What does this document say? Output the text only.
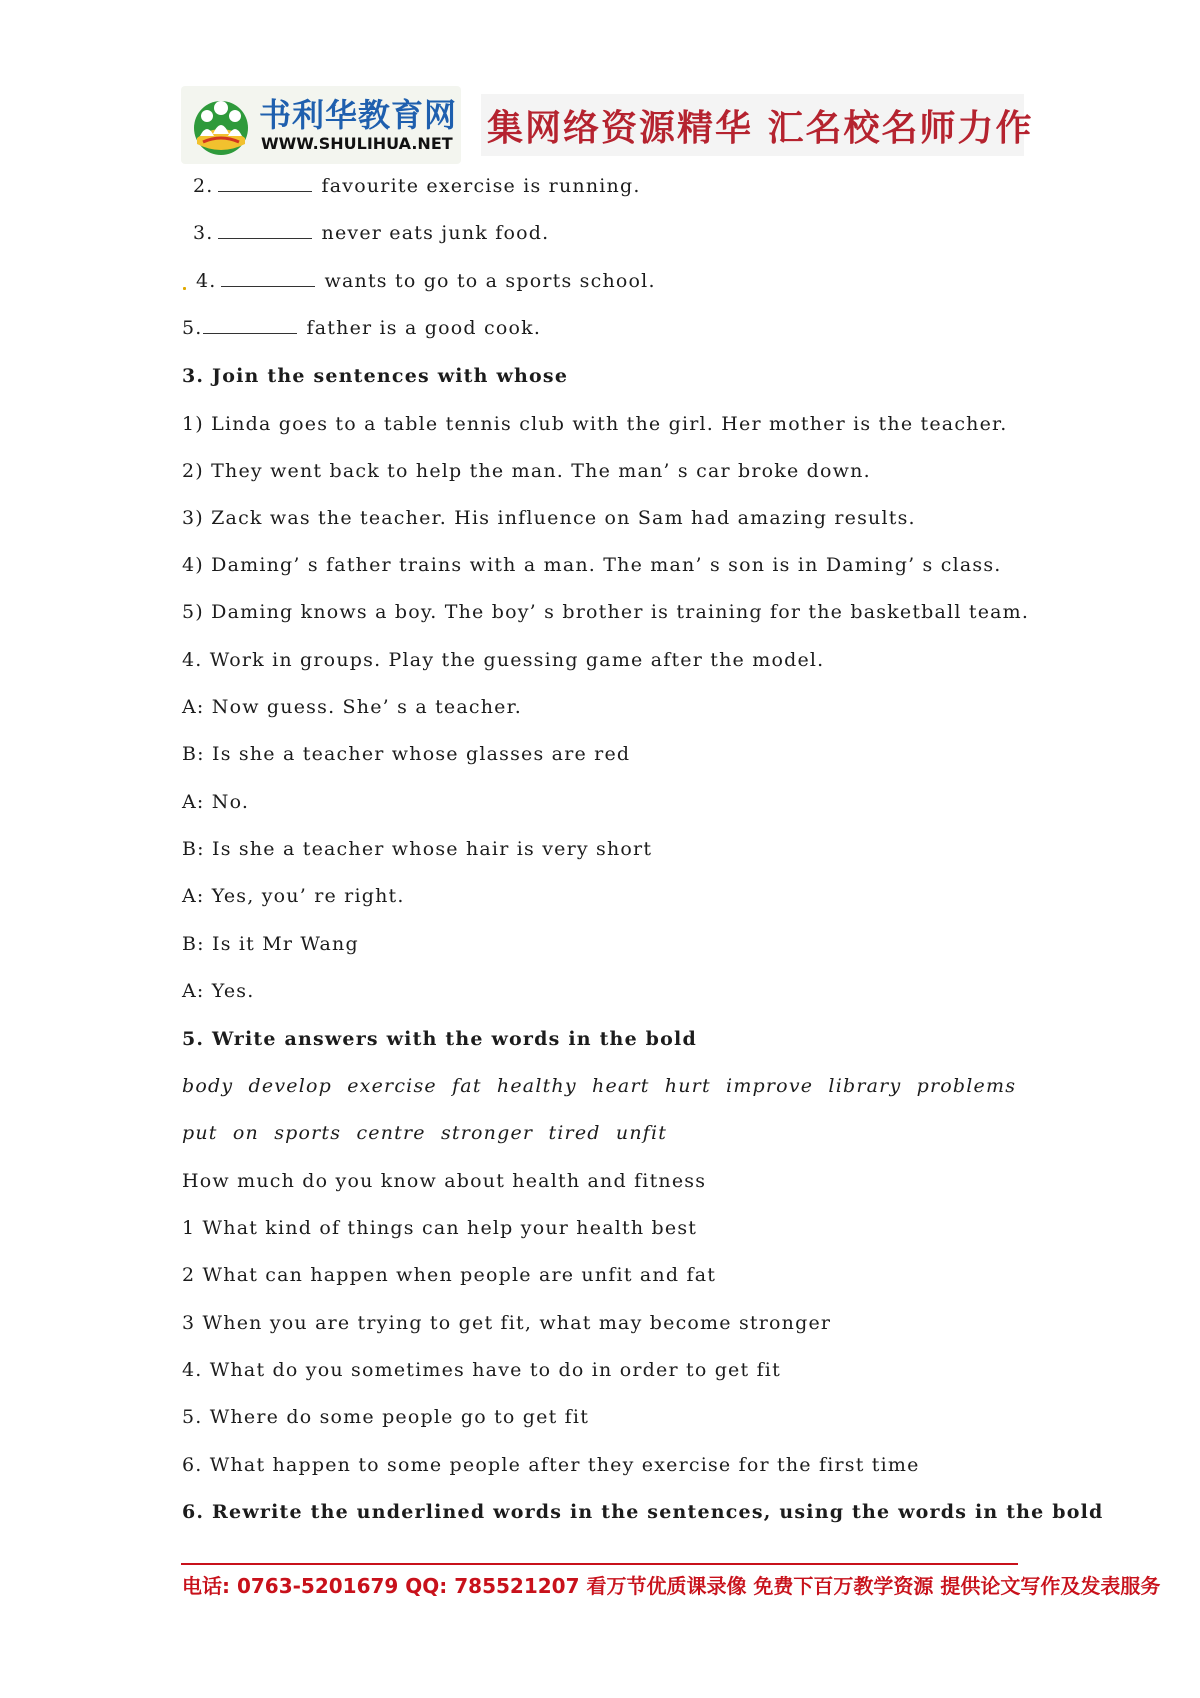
书利华教育网
WWW.SHULIHUA.NET 集网络资源精华 汇名校名师力作
2.	favourite exercise is running.
3.	never eats junk food.
4.	wants to go to a sports school.
5.	father is a good cook.
3. Join the sentences with whose
1) Linda goes to a table tennis club with the girl. Her mother is the teacher.
2) They went back to help the man. The man’ s car broke down.
3) Zack was the teacher. His influence on Sam had amazing results.
4) Daming’ s father trains with a man. The man’ s son is in Daming’ s class.
5) Daming knows a boy. The boy’ s brother is training for the basketball team.
4. Work in groups. Play the guessing game after the model.
A: Now guess. She’ s a teacher.
B: Is she a teacher whose glasses are red
A: No.
B: Is she a teacher whose hair is very short
A: Yes, you’ re right.
B: Is it Mr Wang
A: Yes.
5. Write answers with the words in the bold
body develop exercise fat healthy heart hurt improve library problems
put on sports centre stronger tired unfit
How much do you know about health and fitness
1 What kind of things can help your health best
2 What can happen when people are unfit and fat
3 When you are trying to get fit, what may become stronger
4. What do you sometimes have to do in order to get fit
5. Where do some people go to get fit
6. What happen to some people after they exercise for the first time
6. Rewrite the underlined words in the sentences, using the words in the bold
电话: 0763-5201679 QQ: 785521207 看万节优质课录像 免费下百万教学资源 提供论文写作及发表服务
